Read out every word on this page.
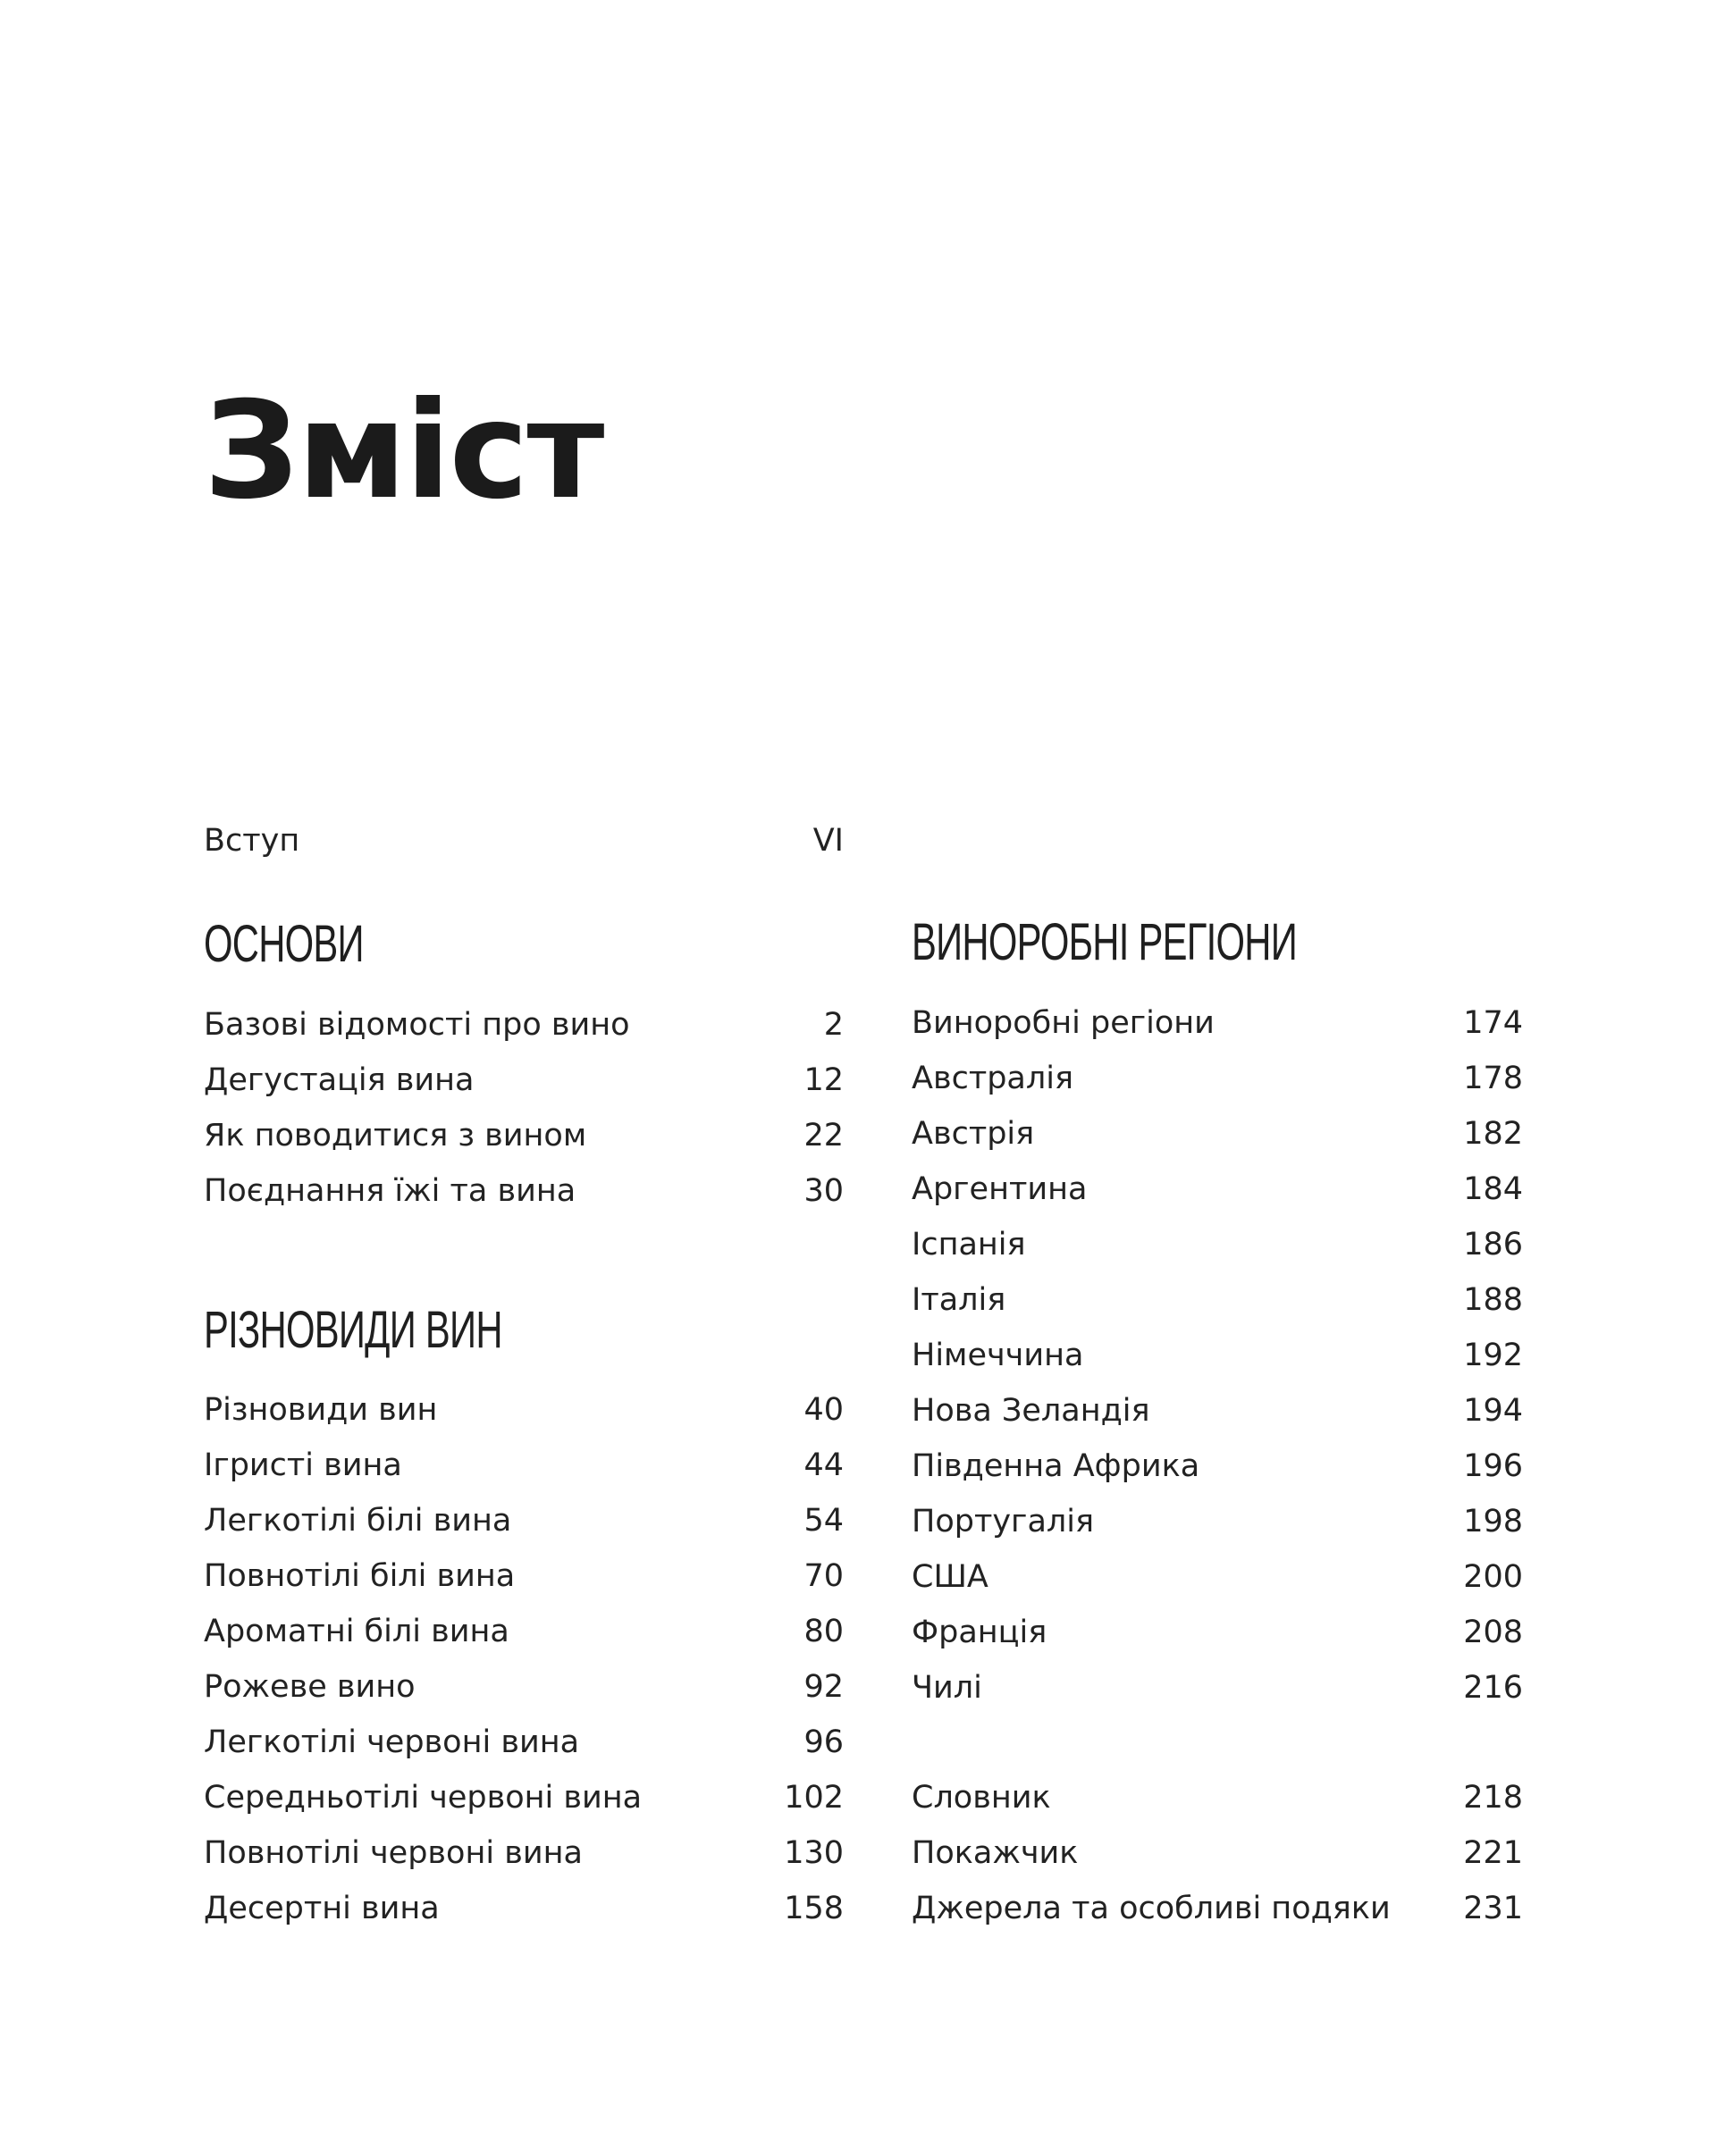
Зміст
Вступ	VI
ОСНОВИ
Базові відомості про вино	2
Дегустація вина	12
Як поводитися з вином	22
Поєднання їжі та вина	30
РІЗНОВИДИ ВИН
Різновиди вин	40
Ігристі вина	44
Легкотілі білі вина	54
Повнотілі білі вина	70
Ароматні білі вина	80
Рожеве вино	92
Легкотілі червоні вина	96
Середньотілі червоні вина	102
Повнотілі червоні вина	130
Десертні вина	158
ВИНОРОБНІ РЕГІОНИ
Виноробні регіони	174
Австралія	178
Австрія	182
Аргентина	184
Іспанія	186
Італія	188
Німеччина	192
Нова Зеландія	194
Південна Африка	196
Португалія	198
США	200
Франція	208
Чилі	216
Словник	218
Покажчик	221
Джерела та особливі подяки 231
